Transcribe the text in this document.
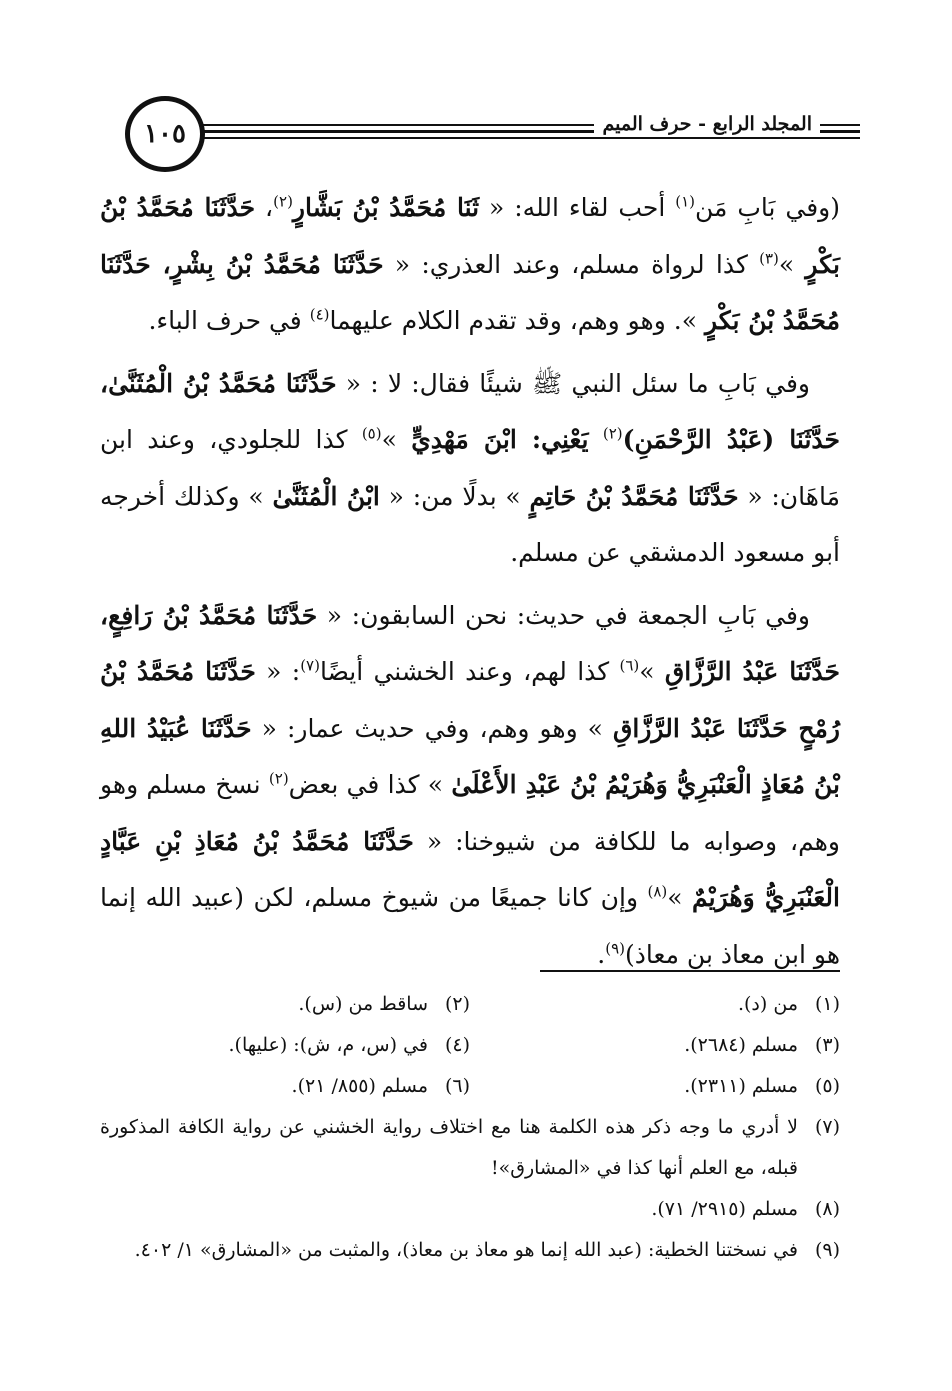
المجلد الرابع - حرف الميم
١٠٥

(وفي بَابِ مَن$^{(١)}$ أحب لقاء الله: « ثَنَا مُحَمَّدُ بْنُ بَشَّارٍ$^{(٢)}$، حَدَّثَنَا مُحَمَّدُ بْنُ بَكْرٍ »$^{(٣)}$ كذا لرواة مسلم، وعند العذري: « حَدَّثَنَا مُحَمَّدُ بْنُ بِشْرٍ، حَدَّثَنَا مُحَمَّدُ بْنُ بَكْرٍ ». وهو وهم، وقد تقدم الكلام عليهما$^{(٤)}$ في حرف الباء.

وفي بَابِ ما سئل النبي ﷺ شيئًا فقال: لا : « حَدَّثَنَا مُحَمَّدُ بْنُ الْمُثَنَّىٰ، حَدَّثَنَا (عَبْدُ الرَّحْمَنِ)$^{(٢)}$ يَعْنِي: ابْنَ مَهْدِيٍّ »$^{(٥)}$ كذا للجلودي، وعند ابن مَاهَان: « حَدَّثَنَا مُحَمَّدُ بْنُ حَاتِمٍ » بدلًا من: « ابْنُ الْمُثَنَّىٰ » وكذلك أخرجه أبو مسعود الدمشقي عن مسلم.

وفي بَابِ الجمعة في حديث: نحن السابقون: « حَدَّثَنَا مُحَمَّدُ بْنُ رَافِعٍ، حَدَّثَنَا عَبْدُ الرَّزَّاقِ »$^{(٦)}$ كذا لهم، وعند الخشني أيضًا$^{(٧)}$: « حَدَّثَنَا مُحَمَّدُ بْنُ رُمْحٍ حَدَّثَنَا عَبْدُ الرَّزَّاقِ » وهو وهم، وفي حديث عمار: « حَدَّثَنَا عُبَيْدُ اللهِ بْنُ مُعَاذٍ الْعَنْبَرِيُّ وَهُرَيْمُ بْنُ عَبْدِ الأَعْلَىٰ » كذا في بعض$^{(٢)}$ نسخ مسلم وهو وهم، وصوابه ما للكافة من شيوخنا: « حَدَّثَنَا مُحَمَّدُ بْنُ مُعَاذِ بْنِ عَبَّادٍ الْعَنْبَرِيُّ وَهُرَيْمٌ »$^{(٨)}$ وإن كانا جميعًا من شيوخ مسلم، لكن (عبيد الله إنما هو ابن معاذ بن معاذ)$^{(٩)}$.

(١)من (د).
(٢)ساقط من (س).
(٣)مسلم (٢٦٨٤).
(٤)في (س، م، ش): (عليها).
(٥)مسلم (٢٣١١).
(٦)مسلم (٨٥٥/ ٢١).
(٧)
لا أدري ما وجه ذكر هذه الكلمة هنا مع اختلاف رواية الخشني عن رواية الكافة المذكورة قبله، مع العلم أنها كذا في «المشارق»!
(٨)
مسلم (٢٩١٥/ ٧١).
(٩)
في نسختنا الخطية: (عبد الله إنما هو معاذ بن معاذ)، والمثبت من «المشارق» ١/ ٤٠٢.
